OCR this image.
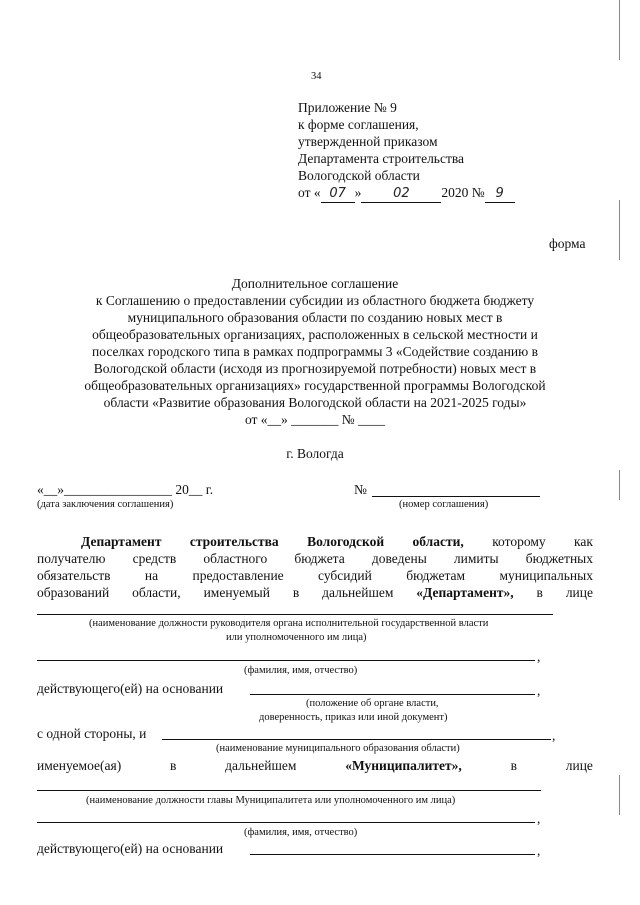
34
Приложение № 9
к форме соглашения,
утвержденной приказом
Департамента строительства
Вологодской области
от « 07 » 02 2020 № 9
форма
Дополнительное соглашение
к Соглашению о предоставлении субсидии из областного бюджета бюджету
муниципального образования области по созданию новых мест в
общеобразовательных организациях, расположенных в сельской местности и
поселках городского типа в рамках подпрограммы 3 «Содействие созданию в
Вологодской области (исходя из прогнозируемой потребности) новых мест в
общеобразовательных организациях» государственной программы Вологодской
области «Развитие образования Вологодской области на 2021-2025 годы»
от «__» _______ № ____
г. Вологда
«__»________________ 20__ г.
(дата заключения соглашения)
№
(номер соглашения)
Департамент строительства Вологодской области, которому как
получателю средств областного бюджета доведены лимиты бюджетных
обязательств	на	предоставление	субсидий	бюджетам	муниципальных
образований области, именуемый в дальнейшем «Департамент», в лице
(наименование должности руководителя органа исполнительной государственной власти
или уполномоченного им лица)
,
(фамилия, имя, отчество)
действующего(ей) на основании	,
(положение об органе власти,
доверенность, приказ или иной документ)
с одной стороны, и	,
(наименование муниципального образования области)
именуемое(ая)	в	дальнейшем	«Муниципалитет»,	в	лице
(наименование должности главы Муниципалитета или уполномоченного им лица)
,
(фамилия, имя, отчество)
действующего(ей) на основании	,
